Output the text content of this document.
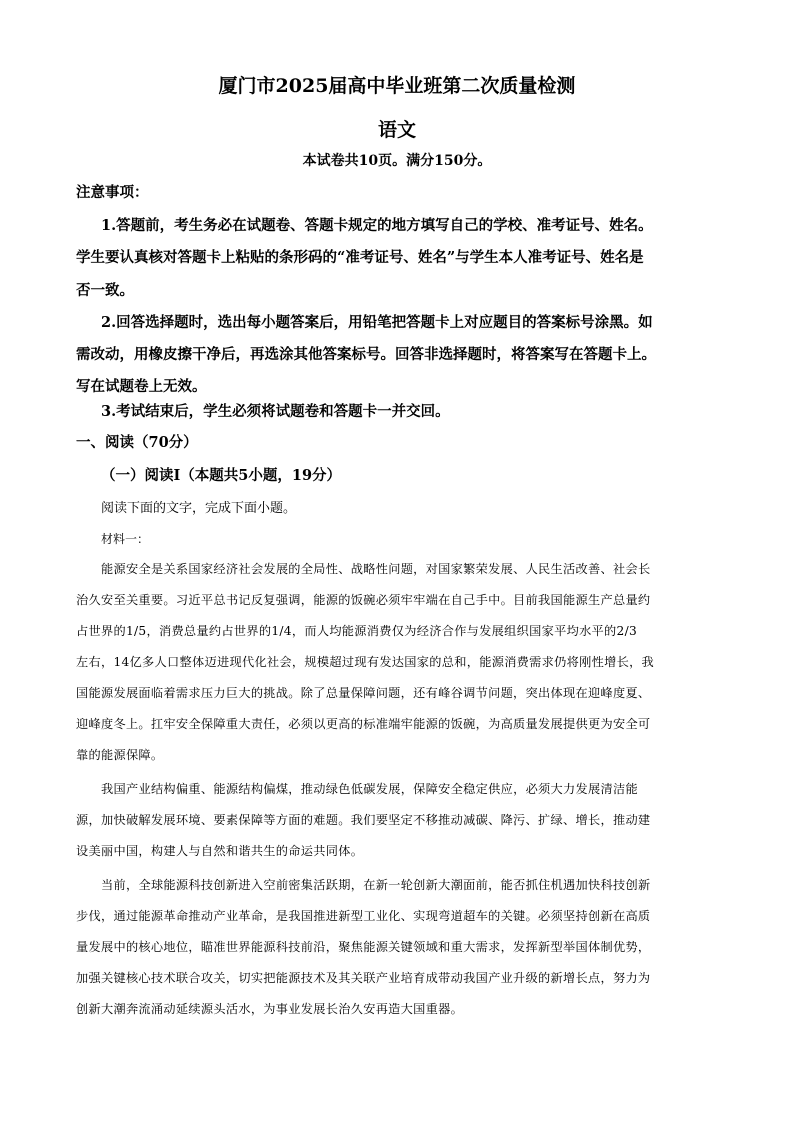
厦门市2025届高中毕业班第二次质量检测
语文
本试卷共10页。满分150分。
注意事项：
1.答题前，考生务必在试题卷、答题卡规定的地方填写自己的学校、准考证号、姓名。
学生要认真核对答题卡上粘贴的条形码的“准考证号、姓名”与学生本人准考证号、姓名是
否一致。
2.回答选择题时，选出每小题答案后，用铅笔把答题卡上对应题目的答案标号涂黑。如
需改动，用橡皮擦干净后，再选涂其他答案标号。回答非选择题时，将答案写在答题卡上。
写在试题卷上无效。
3.考试结束后，学生必须将试题卷和答题卡一并交回。
一、阅读（70分）
（一）阅读Ⅰ（本题共5小题，19分）
阅读下面的文字，完成下面小题。
材料一：
能源安全是关系国家经济社会发展的全局性、战略性问题，对国家繁荣发展、人民生活改善、社会长
治久安至关重要。习近平总书记反复强调，能源的饭碗必须牢牢端在自己手中。目前我国能源生产总量约
占世界的1/5，消费总量约占世界的1/4，而人均能源消费仅为经济合作与发展组织国家平均水平的2/3
左右，14亿多人口整体迈进现代化社会，规模超过现有发达国家的总和，能源消费需求仍将刚性增长，我
国能源发展面临着需求压力巨大的挑战。除了总量保障问题，还有峰谷调节问题，突出体现在迎峰度夏、
迎峰度冬上。扛牢安全保障重大责任，必须以更高的标准端牢能源的饭碗，为高质量发展提供更为安全可
靠的能源保障。
我国产业结构偏重、能源结构偏煤，推动绿色低碳发展，保障安全稳定供应，必须大力发展清洁能
源，加快破解发展环境、要素保障等方面的难题。我们要坚定不移推动减碳、降污、扩绿、增长，推动建
设美丽中国，构建人与自然和谐共生的命运共同体。
当前，全球能源科技创新进入空前密集活跃期，在新一轮创新大潮面前，能否抓住机遇加快科技创新
步伐，通过能源革命推动产业革命，是我国推进新型工业化、实现弯道超车的关键。必须坚持创新在高质
量发展中的核心地位，瞄准世界能源科技前沿，聚焦能源关键领域和重大需求，发挥新型举国体制优势，
加强关键核心技术联合攻关，切实把能源技术及其关联产业培育成带动我国产业升级的新增长点，努力为
创新大潮奔流涌动延续源头活水，为事业发展长治久安再造大国重器。
